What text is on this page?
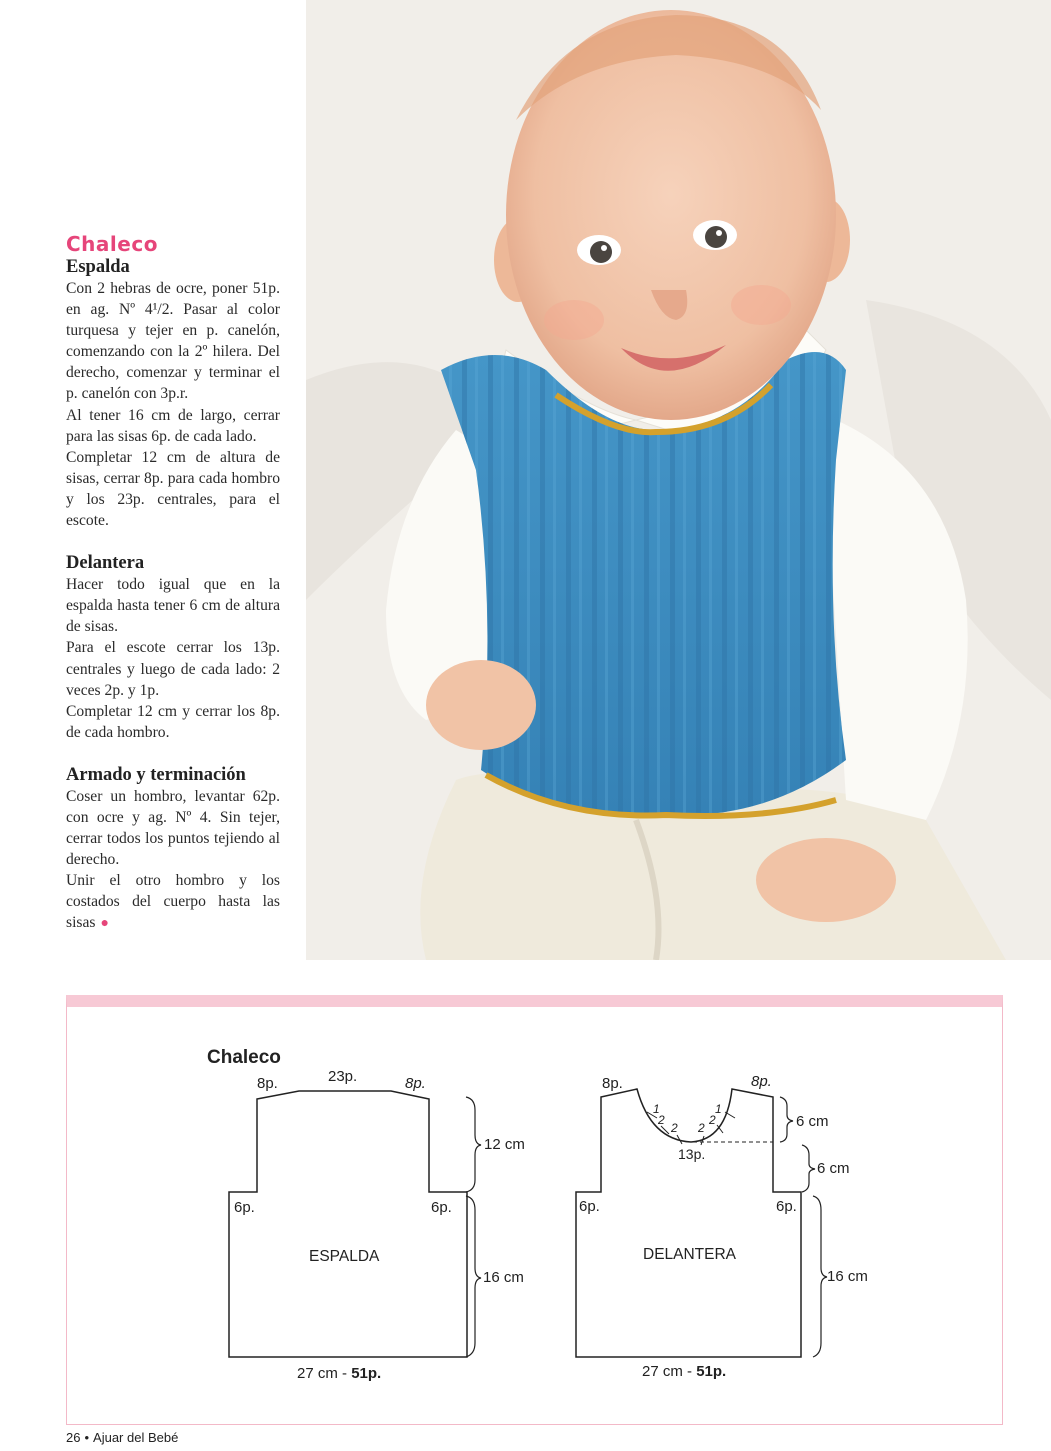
Chaleco
Espalda

Con 2 hebras de ocre, poner 51p. en ag. Nº 4¹/2. Pasar al color turquesa y tejer en p. canelón, comenzando con la 2º hilera. Del derecho, comenzar y terminar el p. canelón con 3p.r.

Al tener 16 cm de largo, cerrar para las sisas 6p. de cada lado.

Completar 12 cm de altura de sisas, cerrar 8p. para cada hombro y los 23p. centrales, para el escote.

Delantera

Hacer todo igual que en la espalda hasta tener 6 cm de altura de sisas.

Para el escote cerrar los 13p. centrales y luego de cada lado: 2 veces 2p. y 1p.

Completar 12 cm y cerrar los 8p. de cada hombro.

Armado y terminación

Coser un hombro, levantar 62p. con ocre y ag. Nº 4. Sin tejer, cerrar todos los puntos tejiendo al derecho.

Unir el otro hombro y los costados del cuerpo hasta las sisas ●

Chaleco
8p.	23p.	8p.
6p.	6p.
ESPALDA
12 cm
16 cm
27 cm - 51p.
1
2
2 2
2
1
8p.	8p.
13p.
6p.	6p.
DELANTERA
6 cm
6 cm
16 cm
27 cm - 51p.
26 • Ajuar del Bebé
